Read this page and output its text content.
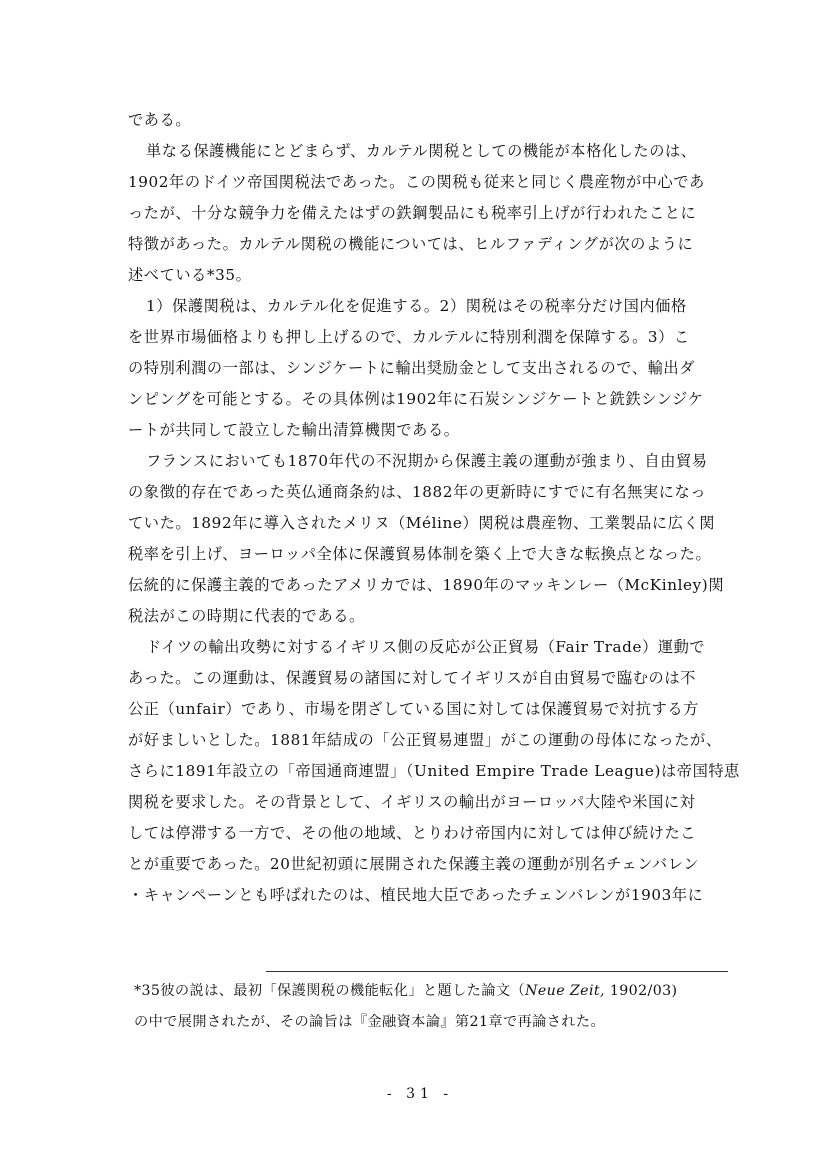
である。
単なる保護機能にとどまらず、カルテル関税としての機能が本格化したのは、
1902年のドイツ帝国関税法であった。この関税も従来と同じく農産物が中心であ
ったが、十分な競争力を備えたはずの鉄鋼製品にも税率引上げが行われたことに
特徴があった。カルテル関税の機能については、ヒルファディングが次のように
述べている*35。
1）保護関税は、カルテル化を促進する。2）関税はその税率分だけ国内価格
を世界市場価格よりも押し上げるので、カルテルに特別利潤を保障する。3）こ
の特別利潤の一部は、シンジケートに輸出奨励金として支出されるので、輸出ダ
ンピングを可能とする。その具体例は1902年に石炭シンジケートと銑鉄シンジケ
ートが共同して設立した輸出清算機関である。
フランスにおいても1870年代の不況期から保護主義の運動が強まり、自由貿易
の象徴的存在であった英仏通商条約は、1882年の更新時にすでに有名無実になっ
ていた。1892年に導入されたメリヌ（Méline）関税は農産物、工業製品に広く関
税率を引上げ、ヨーロッパ全体に保護貿易体制を築く上で大きな転換点となった。
伝統的に保護主義的であったアメリカでは、1890年のマッキンレー（McKinley)関
税法がこの時期に代表的である。
ドイツの輸出攻勢に対するイギリス側の反応が公正貿易（Fair Trade）運動で
あった。この運動は、保護貿易の諸国に対してイギリスが自由貿易で臨むのは不
公正（unfair）であり、市場を閉ざしている国に対しては保護貿易で対抗する方
が好ましいとした。1881年結成の「公正貿易連盟」がこの運動の母体になったが、
さらに1891年設立の「帝国通商連盟」（United Empire Trade League)は帝国特恵
関税を要求した。その背景として、イギリスの輸出がヨーロッパ大陸や米国に対
しては停滞する一方で、その他の地域、とりわけ帝国内に対しては伸び続けたこ
とが重要であった。20世紀初頭に展開された保護主義の運動が別名チェンバレン
・キャンペーンとも呼ばれたのは、植民地大臣であったチェンバレンが1903年に
*35彼の説は、最初「保護関税の機能転化」と題した論文（Neue Zeit, 1902/03)
の中で展開されたが、その論旨は『金融資本論』第21章で再論された。
- 31 -
